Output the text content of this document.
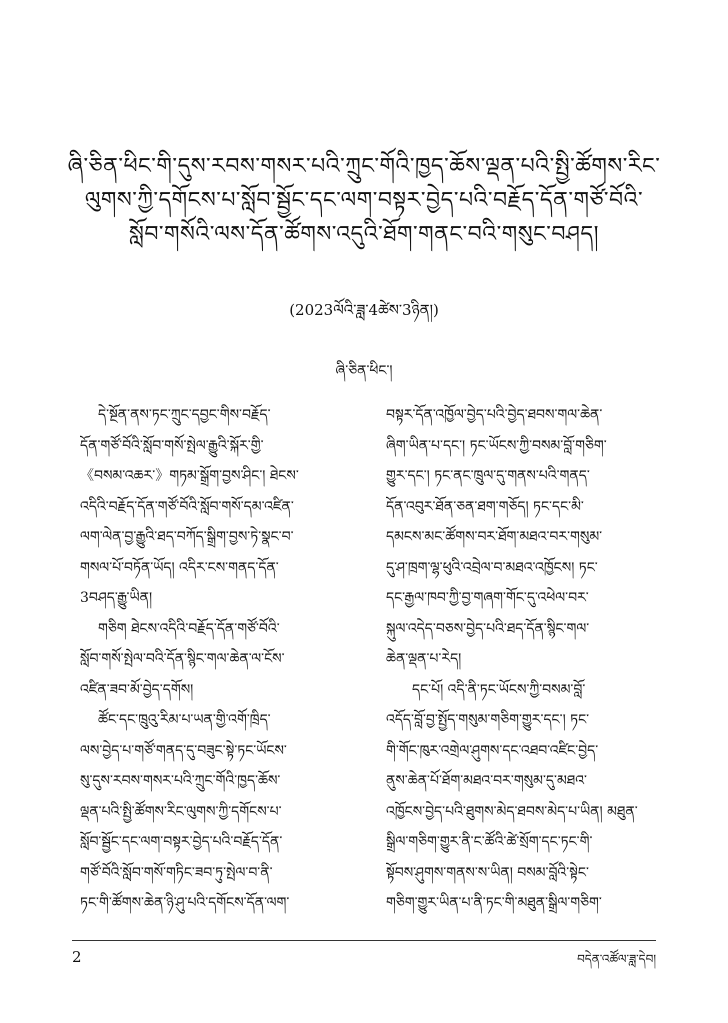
ཞི་ཅིན་ཕིང་གི་དུས་རབས་གསར་པའི་ཀྲུང་གོའི་ཁྱད་ཆོས་ལྡན་པའི་སྤྱི་ཚོགས་རིང་
ལུགས་ཀྱི་དགོངས་པ་སློབ་སྦྱོང་དང་ལག་བསྟར་བྱེད་པའི་བརྗོད་དོན་གཙོ་བོའི་
སློབ་གསོའི་ལས་དོན་ཚོགས་འདུའི་ཐོག་གནང་བའི་གསུང་བཤད།
(2023ལོའི་ཟླ་4ཚེས་3ཉིན།)
ཞི་ཅིན་ཕིང་།
དེ་སྔོན་ནས་ཏང་ཀྲུང་དབྱང་གིས་བརྗོད་
དོན་གཙོ་བོའི་སློབ་གསོ་སྤེལ་རྒྱུའི་སྐོར་གྱི་
《བསམ་འཆར་》གཏམ་སྒྲོག་བྱས་ཤིང་། ཐེངས་
འདིའི་བརྗོད་དོན་གཙོ་བོའི་སློབ་གསོ་དམ་འཛིན་
ལག་ལེན་བྱ་རྒྱུའི་ཐད་བཀོད་སྒྲིག་བྱས་ཏེ་སྣང་བ་
གསལ་པོ་བཏོན་ཡོད། འདིར་ངས་གནད་དོན་
3བཤད་རྒྱུ་ཡིན།
གཅིག ཐེངས་འདིའི་བརྗོད་དོན་གཙོ་བོའི་
སློབ་གསོ་སྤེལ་བའི་དོན་སྙིང་གལ་ཆེན་ལ་ངོས་
འཛིན་ཟབ་མོ་བྱེད་དགོས།
ཚོང་དང་ཁྲུའུ་རིམ་པ་ཡན་གྱི་འགོ་ཁྲིད་
ལས་བྱེད་པ་གཙོ་གནད་དུ་བཟུང་སྟེ་ཏང་ཡོངས་
སུ་དུས་རབས་གསར་པའི་ཀྲུང་གོའི་ཁྱད་ཆོས་
ལྡན་པའི་སྤྱི་ཚོགས་རིང་ལུགས་ཀྱི་དགོངས་པ་
སློབ་སྦྱོང་དང་ལག་བསྟར་བྱེད་པའི་བརྗོད་དོན་
གཙོ་བོའི་སློབ་གསོ་གཏིང་ཟབ་ཏུ་སྤེལ་བ་ནི་
ཏང་གི་ཚོགས་ཆེན་ཉི་ཤུ་པའི་དགོངས་དོན་ལག་
བསྟར་དོན་འཁྱོལ་བྱེད་པའི་བྱེད་ཐབས་གལ་ཆེན་
ཞིག་ཡིན་པ་དང་། ཏང་ཡོངས་ཀྱི་བསམ་བློ་གཅིག་
གྱུར་དང་། ཏང་ནང་ཁྲུལ་དུ་གནས་པའི་གནད་
དོན་འབུར་ཐོན་ཅན་ཐག་གཅོད། ཏང་དང་མི་
དམངས་མང་ཚོགས་བར་ཐོག་མཐའ་བར་གསུམ་
དུ་ཤ་ཁྲག་ལྷ་ཕུའི་འབྲེལ་བ་མཐའ་འཁྱོངས། ཏང་
དང་རྒྱལ་ཁབ་ཀྱི་བྱ་གཞག་གོང་དུ་འཕེལ་བར་
སྐུལ་འདེད་བཅས་བྱེད་པའི་ཐད་དོན་སྙིང་གལ་
ཆེན་ལྡན་པ་རེད།
དང་པོ། འདི་ནི་ཏང་ཡོངས་ཀྱི་བསམ་བློ་
འདོད་བློ་བྱ་སྤྱོད་གསུམ་གཅིག་གྱུར་དང་། ཏང་
གི་གོང་ཁུར་འགྲེལ་ཤུགས་དང་འཐབ་འཛིང་བྱེད་
ནུས་ཆེན་པོ་ཐོག་མཐའ་བར་གསུམ་དུ་མཐའ་
འཁྱོངས་བྱེད་པའི་ཐུགས་མེད་ཐབས་མེད་པ་ཡིན། མཐུན་
སྒྲིལ་གཅིག་གྱུར་ནི་ང་ཚོའི་ཚེ་སྲོག་དང་ཏང་གི་
སྟོབས་ཤུགས་གནས་ས་ཡིན། བསམ་བློའི་སྟེང་
གཅིག་གྱུར་ཡིན་པ་ནི་ཏང་གི་མཐུན་སྒྲིལ་གཅིག་
2	བདེན་འཚོལ་ཟླ་དེབ།
